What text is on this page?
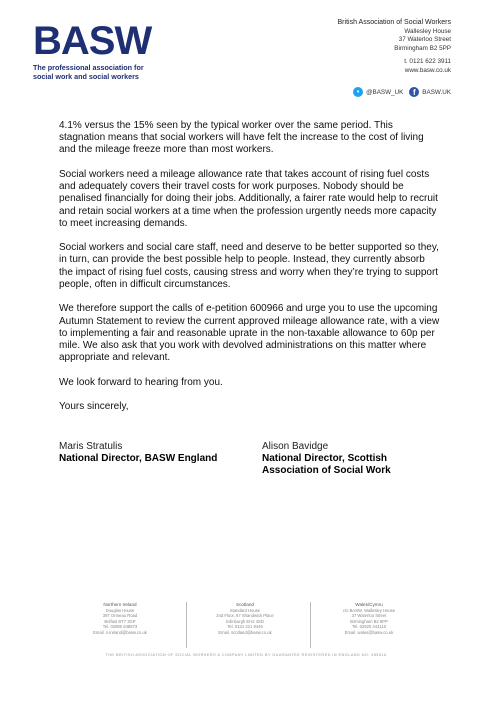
BASW
The professional association for
social work and social workers
British Association of Social Workers
Wallesley House
37 Waterloo Street
Birmingham B2 5PP
t. 0121 622 3911
www.basw.co.uk
•	@BASW_UK	f	BASW.UK

4.1% versus the 15% seen by the typical worker over the same period. This stagnation means that social workers will have felt the increase to the cost of living and the mileage freeze more than most workers.

Social workers need a mileage allowance rate that takes account of rising fuel costs and adequately covers their travel costs for work purposes. Nobody should be penalised financially for doing their jobs. Additionally, a fairer rate would help to recruit and retain social workers at a time when the profession urgently needs more capacity to meet increasing demands.

Social workers and social care staff, need and deserve to be better supported so they, in turn, can provide the best possible help to people. Instead, they currently absorb the impact of rising fuel costs, causing stress and worry when they’re trying to support people, often in difficult circumstances.

We therefore support the calls of e-petition 600966 and urge you to use the upcoming Autumn Statement to review the current approved mileage allowance rate, with a view to implementing a fair and reasonable uprate in the non-taxable allowance to 60p per mile. We also ask that you work with devolved administrations on this matter where appropriate and relevant.

We look forward to hearing from you.

Yours sincerely,

Maris Stratulis
National Director, BASW England
Alison Bavidge
National Director, Scottish Association of Social Work
Northern Ireland
Douglas House
397 Ormeau Road
Belfast BT7 3GP
Tel. 02890 648873
Email. n.ireland@basw.co.uk
Scotland
Standard House
2nd Floor, 67 Shandwick Place
Edinburgh EH2 4SD
Tel. 0131 221 9445
Email. scotland@basw.co.uk
Wales/Cymru
c/o BASW, Wallesley House
37 Waterloo Street
Birmingham B2 5PP
Tel. 02920 444110
Email. wales@basw.co.uk
THE BRITISH ASSOCIATION OF SOCIAL WORKERS A COMPANY LIMITED BY GUARANTEE REGISTERED IN ENGLAND NO: 985516
